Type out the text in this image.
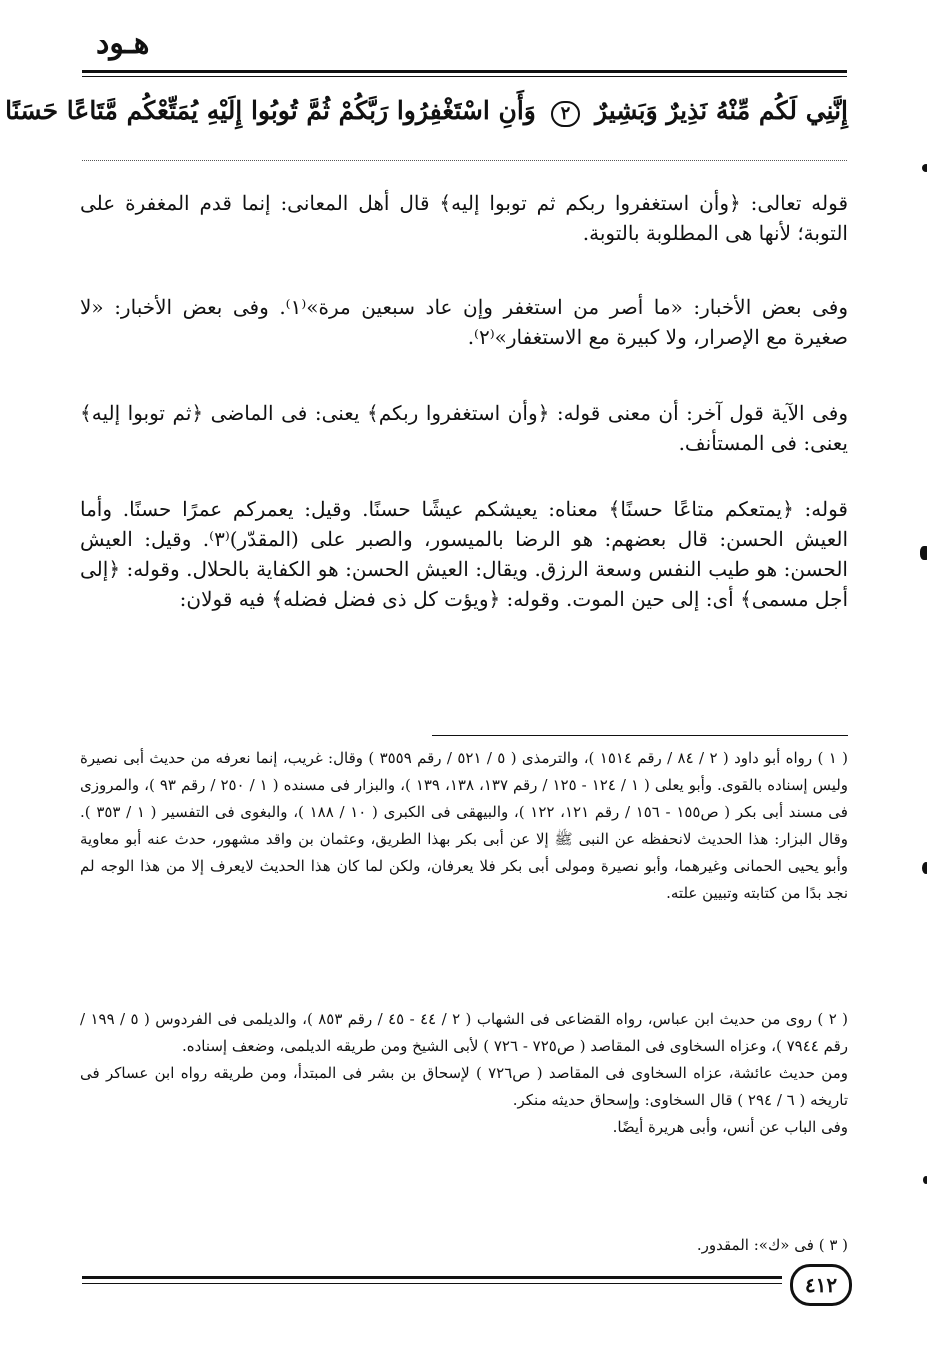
هـود
إِنَّنِي لَكُم مِّنْهُ نَذِيرٌ وَبَشِيرٌ ٢ وَأَنِ اسْتَغْفِرُوا رَبَّكُمْ ثُمَّ تُوبُوا إِلَيْهِ يُمَتِّعْكُم مَّتَاعًا حَسَنًا
قوله تعالى: ﴿وأن استغفروا ربكم ثم توبوا إليه﴾ قال أهل المعانى: إنما قدم المغفرة على التوبة؛ لأنها هى المطلوبة بالتوبة.
وفى بعض الأخبار: «ما أصر من استغفر وإن عاد سبعين مرة»⁽١⁾. وفى بعض الأخبار: «لا صغيرة مع الإصرار، ولا كبيرة مع الاستغفار»⁽٢⁾.
وفى الآية قول آخر: أن معنى قوله: ﴿وأن استغفروا ربكم﴾ يعنى: فى الماضى ﴿ثم توبوا إليه﴾ يعنى: فى المستأنف.
قوله: ﴿يمتعكم متاعًا حسنًا﴾ معناه: يعيشكم عيشًا حسنًا. وقيل: يعمركم عمرًا حسنًا. وأما العيش الحسن: قال بعضهم: هو الرضا بالميسور، والصبر على (المقدّر)⁽٣⁾. وقيل: العيش الحسن: هو طيب النفس وسعة الرزق. ويقال: العيش الحسن: هو الكفاية بالحلال. وقوله: ﴿إلى أجل مسمى﴾ أى: إلى حين الموت. وقوله: ﴿ويؤت كل ذى فضل فضله﴾ فيه قولان:
( ١ ) رواه أبو داود ( ٢ / ٨٤ / رقم ١٥١٤ )، والترمذى ( ٥ / ٥٢١ / رقم ٣٥٥٩ ) وقال: غريب، إنما نعرفه من حديث أبى نصيرة وليس إسناده بالقوى. وأبو يعلى ( ١ / ١٢٤ - ١٢٥ / رقم ١٣٧، ١٣٨، ١٣٩ )، والبزار فى مسنده ( ١ / ٢٥٠ / رقم ٩٣ )، والمروزى فى مسند أبى بكر ( ص١٥٥ - ١٥٦ / رقم ١٢١، ١٢٢ )، والبيهقى فى الكبرى ( ١٠ / ١٨٨ )، والبغوى فى التفسير ( ١ / ٣٥٣ ). وقال البزار: هذا الحديث لانحفظه عن النبى ﷺ إلا عن أبى بكر بهذا الطريق، وعثمان بن واقد مشهور، حدث عنه أبو معاوية وأبو يحيى الحمانى وغيرهما، وأبو نصيرة ومولى أبى بكر فلا يعرفان، ولكن لما كان هذا الحديث لايعرف إلا من هذا الوجه لم نجد بدًا من كتابته وتبيين علته.
( ٢ ) روى من حديث ابن عباس، رواه القضاعى فى الشهاب ( ٢ / ٤٤ - ٤٥ / رقم ٨٥٣ )، والديلمى فى الفردوس ( ٥ / ١٩٩ / رقم ٧٩٤٤ )، وعزاه السخاوى فى المقاصد ( ص٧٢٥ - ٧٢٦ ) لأبى الشيخ ومن طريقه الديلمى، وضعف إسناده.
ومن حديث عائشة، عزاه السخاوى فى المقاصد ( ص٧٢٦ ) لإسحاق بن بشر فى المبتدأ، ومن طريقه رواه ابن عساكر فى تاريخه ( ٦ / ٢٩٤ ) قال السخاوى: وإسحاق حديثه منكر.
وفى الباب عن أنس، وأبى هريرة أيضًا.
( ٣ ) فى «ك»: المقدور.
٤١٢
